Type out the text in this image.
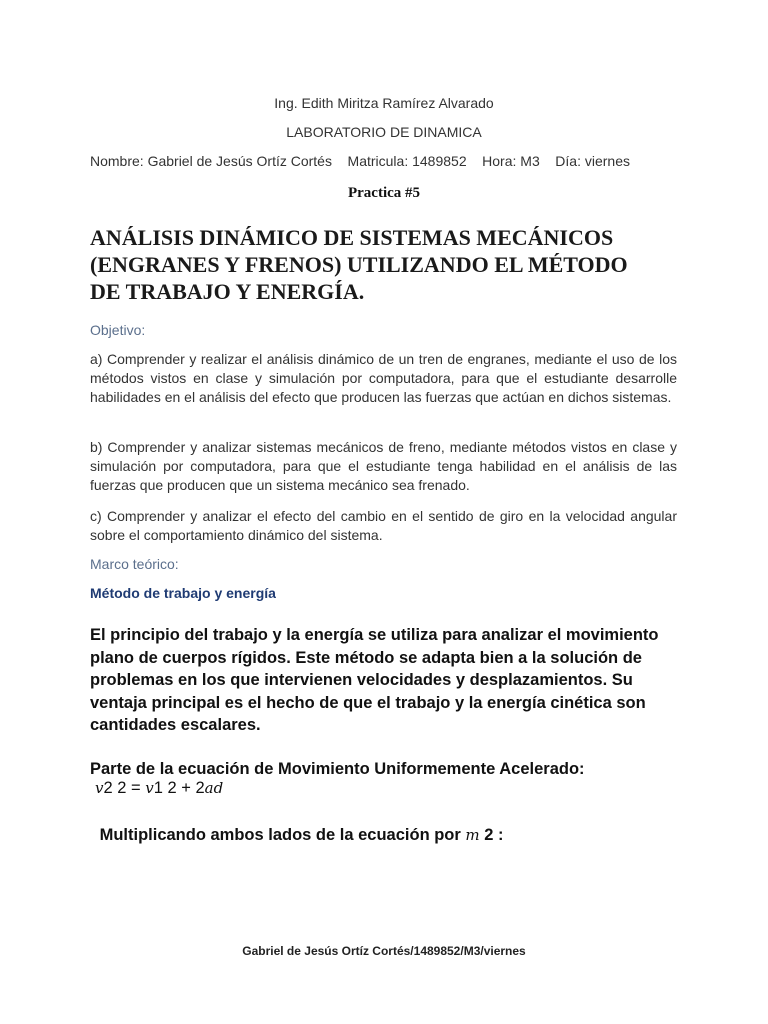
Ing. Edith Miritza Ramírez Alvarado
LABORATORIO DE DINAMICA
Nombre: Gabriel de Jesús Ortíz Cortés    Matricula: 1489852    Hora: M3    Día: viernes
Practica #5
ANÁLISIS DINÁMICO DE SISTEMAS MECÁNICOS
(ENGRANES Y FRENOS) UTILIZANDO EL MÉTODO
DE TRABAJO Y ENERGÍA.
Objetivo:
a) Comprender y realizar el análisis dinámico de un tren de engranes, mediante el uso de los métodos vistos en clase y simulación por computadora, para que el estudiante desarrolle habilidades en el análisis del efecto que producen las fuerzas que actúan en dichos sistemas.
b) Comprender y analizar sistemas mecánicos de freno, mediante métodos vistos en clase y simulación por computadora, para que el estudiante tenga habilidad en el análisis de las fuerzas que producen que un sistema mecánico sea frenado.
c) Comprender y analizar el efecto del cambio en el sentido de giro en la velocidad angular sobre el comportamiento dinámico del sistema.
Marco teórico:
Método de trabajo y energía
El principio del trabajo y la energía se utiliza para analizar el movimiento
plano de cuerpos rígidos. Este método se adapta bien a la solución de
problemas en los que intervienen velocidades y desplazamientos. Su
ventaja principal es el hecho de que el trabajo y la energía cinética son
cantidades escalares.
Parte de la ecuación de Movimiento Uniformemente Acelerado:
𝑣2 2 = 𝑣1 2 + 2𝑎𝑑
Multiplicando ambos lados de la ecuación por 𝑚 2 :
Gabriel de Jesús Ortíz Cortés/1489852/M3/viernes
